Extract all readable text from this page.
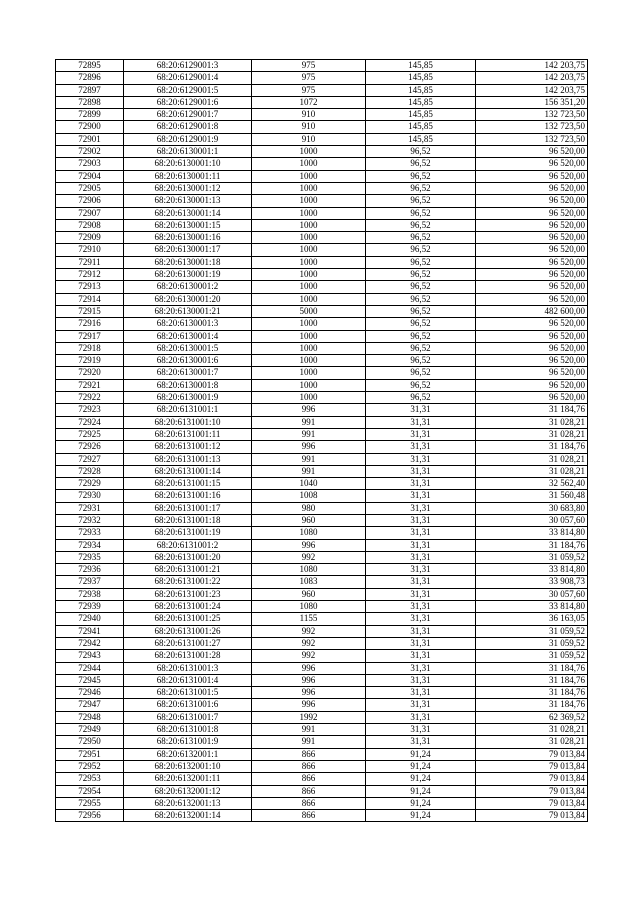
72895	68:20:6129001:3	975	145,85	142 203,75
72896	68:20:6129001:4	975	145,85	142 203,75
72897	68:20:6129001:5	975	145,85	142 203,75
72898	68:20:6129001:6	1072	145,85	156 351,20
72899	68:20:6129001:7	910	145,85	132 723,50
72900	68:20:6129001:8	910	145,85	132 723,50
72901	68:20:6129001:9	910	145,85	132 723,50
72902	68:20:6130001:1	1000	96,52	96 520,00
72903	68:20:6130001:10	1000	96,52	96 520,00
72904	68:20:6130001:11	1000	96,52	96 520,00
72905	68:20:6130001:12	1000	96,52	96 520,00
72906	68:20:6130001:13	1000	96,52	96 520,00
72907	68:20:6130001:14	1000	96,52	96 520,00
72908	68:20:6130001:15	1000	96,52	96 520,00
72909	68:20:6130001:16	1000	96,52	96 520,00
72910	68:20:6130001:17	1000	96,52	96 520,00
72911	68:20:6130001:18	1000	96,52	96 520,00
72912	68:20:6130001:19	1000	96,52	96 520,00
72913	68:20:6130001:2	1000	96,52	96 520,00
72914	68:20:6130001:20	1000	96,52	96 520,00
72915	68:20:6130001:21	5000	96,52	482 600,00
72916	68:20:6130001:3	1000	96,52	96 520,00
72917	68:20:6130001:4	1000	96,52	96 520,00
72918	68:20:6130001:5	1000	96,52	96 520,00
72919	68:20:6130001:6	1000	96,52	96 520,00
72920	68:20:6130001:7	1000	96,52	96 520,00
72921	68:20:6130001:8	1000	96,52	96 520,00
72922	68:20:6130001:9	1000	96,52	96 520,00
72923	68:20:6131001:1	996	31,31	31 184,76
72924	68:20:6131001:10	991	31,31	31 028,21
72925	68:20:6131001:11	991	31,31	31 028,21
72926	68:20:6131001:12	996	31,31	31 184,76
72927	68:20:6131001:13	991	31,31	31 028,21
72928	68:20:6131001:14	991	31,31	31 028,21
72929	68:20:6131001:15	1040	31,31	32 562,40
72930	68:20:6131001:16	1008	31,31	31 560,48
72931	68:20:6131001:17	980	31,31	30 683,80
72932	68:20:6131001:18	960	31,31	30 057,60
72933	68:20:6131001:19	1080	31,31	33 814,80
72934	68:20:6131001:2	996	31,31	31 184,76
72935	68:20:6131001:20	992	31,31	31 059,52
72936	68:20:6131001:21	1080	31,31	33 814,80
72937	68:20:6131001:22	1083	31,31	33 908,73
72938	68:20:6131001:23	960	31,31	30 057,60
72939	68:20:6131001:24	1080	31,31	33 814,80
72940	68:20:6131001:25	1155	31,31	36 163,05
72941	68:20:6131001:26	992	31,31	31 059,52
72942	68:20:6131001:27	992	31,31	31 059,52
72943	68:20:6131001:28	992	31,31	31 059,52
72944	68:20:6131001:3	996	31,31	31 184,76
72945	68:20:6131001:4	996	31,31	31 184,76
72946	68:20:6131001:5	996	31,31	31 184,76
72947	68:20:6131001:6	996	31,31	31 184,76
72948	68:20:6131001:7	1992	31,31	62 369,52
72949	68:20:6131001:8	991	31,31	31 028,21
72950	68:20:6131001:9	991	31,31	31 028,21
72951	68:20:6132001:1	866	91,24	79 013,84
72952	68:20:6132001:10	866	91,24	79 013,84
72953	68:20:6132001:11	866	91,24	79 013,84
72954	68:20:6132001:12	866	91,24	79 013,84
72955	68:20:6132001:13	866	91,24	79 013,84
72956	68:20:6132001:14	866	91,24	79 013,84
